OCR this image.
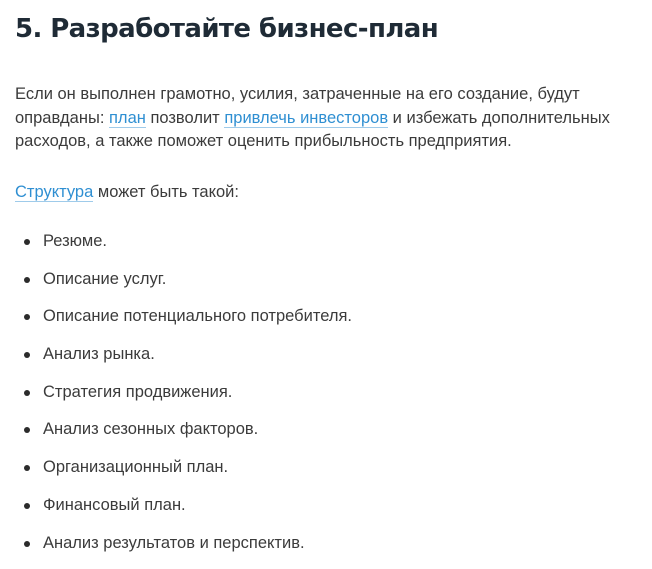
5. Разработайте бизнес-план

Если он выполнен грамотно, усилия, затраченные на его создание, будут оправданы: план позволит привлечь инвесторов и избежать дополнительных расходов, а также поможет оценить прибыльность предприятия.

Структура может быть такой:

Резюме.
Описание услуг.
Описание потенциального потребителя.
Анализ рынка.
Стратегия продвижения.
Анализ сезонных факторов.
Организационный план.
Финансовый план.
Анализ результатов и перспектив.
